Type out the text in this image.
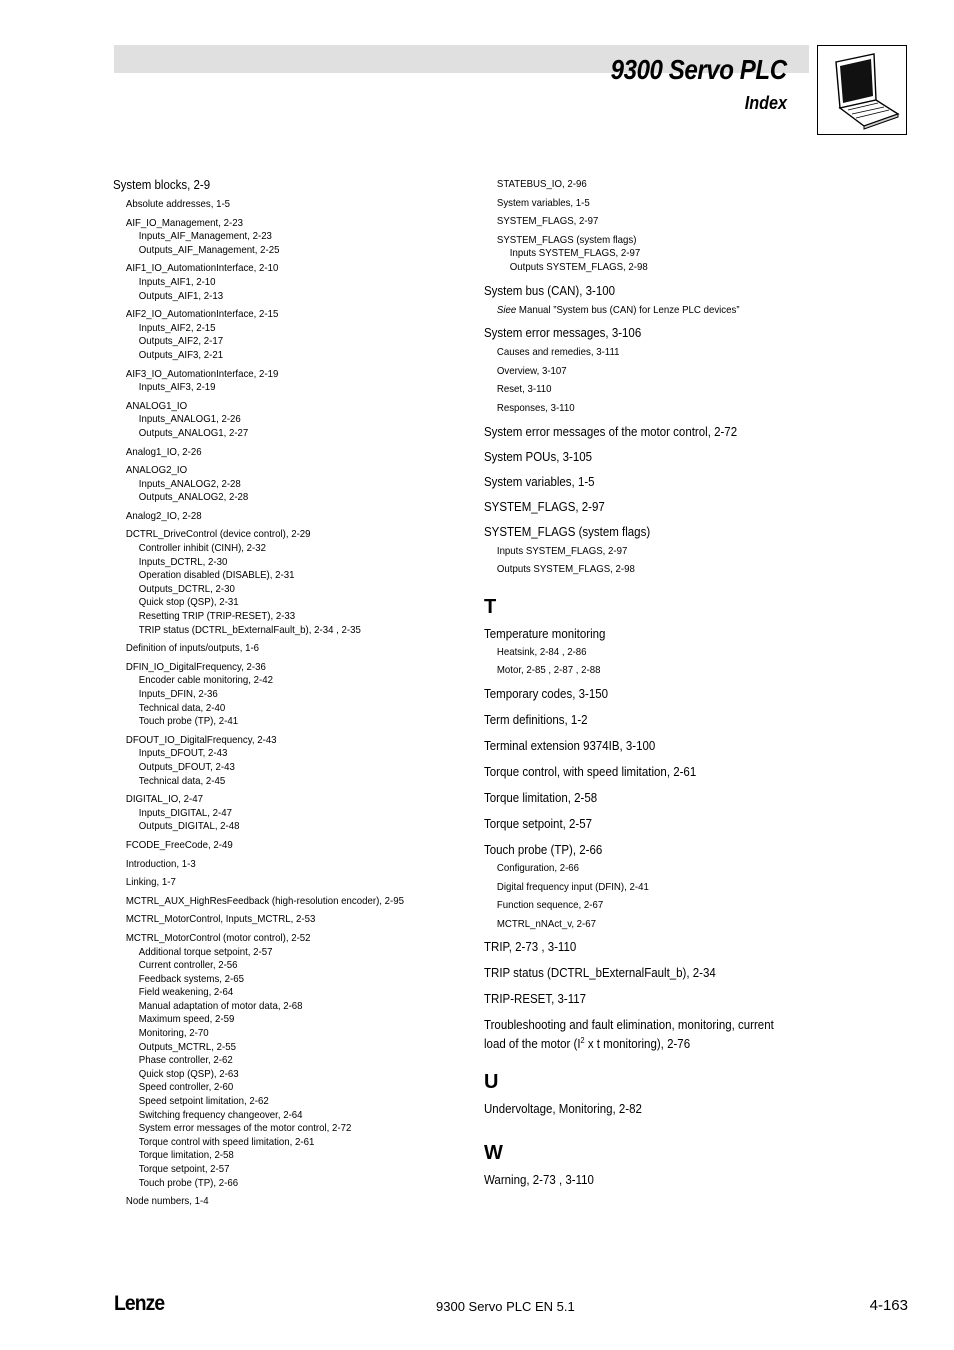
9300 Servo PLC
Index
System blocks, 2-9
Absolute addresses, 1-5
AIF_IO_Management, 2-23
Inputs_AIF_Management, 2-23
Outputs_AIF_Management, 2-25
AIF1_IO_AutomationInterface, 2-10
Inputs_AIF1, 2-10
Outputs_AIF1, 2-13
AIF2_IO_AutomationInterface, 2-15
Inputs_AIF2, 2-15
Outputs_AIF2, 2-17
Outputs_AIF3, 2-21
AIF3_IO_AutomationInterface, 2-19
Inputs_AIF3, 2-19
ANALOG1_IO
Inputs_ANALOG1, 2-26
Outputs_ANALOG1, 2-27
Analog1_IO, 2-26
ANALOG2_IO
Inputs_ANALOG2, 2-28
Outputs_ANALOG2, 2-28
Analog2_IO, 2-28
DCTRL_DriveControl (device control), 2-29
Controller inhibit (CINH), 2-32
Inputs_DCTRL, 2-30
Operation disabled (DISABLE), 2-31
Outputs_DCTRL, 2-30
Quick stop (QSP), 2-31
Resetting TRIP (TRIP-RESET), 2-33
TRIP status (DCTRL_bExternalFault_b), 2-34 , 2-35
Definition of inputs/outputs, 1-6
DFIN_IO_DigitalFrequency, 2-36
Encoder cable monitoring, 2-42
Inputs_DFIN, 2-36
Technical data, 2-40
Touch probe (TP), 2-41
DFOUT_IO_DigitalFrequency, 2-43
Inputs_DFOUT, 2-43
Outputs_DFOUT, 2-43
Technical data, 2-45
DIGITAL_IO, 2-47
Inputs_DIGITAL, 2-47
Outputs_DIGITAL, 2-48
FCODE_FreeCode, 2-49
Introduction, 1-3
Linking, 1-7
MCTRL_AUX_HighResFeedback (high-resolution encoder), 2-95
MCTRL_MotorControl, Inputs_MCTRL, 2-53
MCTRL_MotorControl (motor control), 2-52
Additional torque setpoint, 2-57
Current controller, 2-56
Feedback systems, 2-65
Field weakening, 2-64
Manual adaptation of motor data, 2-68
Maximum speed, 2-59
Monitoring, 2-70
Outputs_MCTRL, 2-55
Phase controller, 2-62
Quick stop (QSP), 2-63
Speed controller, 2-60
Speed setpoint limitation, 2-62
Switching frequency changeover, 2-64
System error messages of the motor control, 2-72
Torque control with speed limitation, 2-61
Torque limitation, 2-58
Torque setpoint, 2-57
Touch probe (TP), 2-66
Node numbers, 1-4
STATEBUS_IO, 2-96
System variables, 1-5
SYSTEM_FLAGS, 2-97
SYSTEM_FLAGS (system flags)
Inputs SYSTEM_FLAGS, 2-97
Outputs SYSTEM_FLAGS, 2-98
System bus (CAN), 3-100
Siee Manual ”System bus (CAN) for Lenze PLC devices”
System error messages, 3-106
Causes and remedies, 3-111
Overview, 3-107
Reset, 3-110
Responses, 3-110
System error messages of the motor control, 2-72
System POUs, 3-105
System variables, 1-5
SYSTEM_FLAGS, 2-97
SYSTEM_FLAGS (system flags)
Inputs SYSTEM_FLAGS, 2-97
Outputs SYSTEM_FLAGS, 2-98
T
Temperature monitoring
Heatsink, 2-84 , 2-86
Motor, 2-85 , 2-87 , 2-88
Temporary codes, 3-150
Term definitions, 1-2
Terminal extension 9374IB, 3-100
Torque control, with speed limitation, 2-61
Torque limitation, 2-58
Torque setpoint, 2-57
Touch probe (TP), 2-66
Configuration, 2-66
Digital frequency input (DFIN), 2-41
Function sequence, 2-67
MCTRL_nNAct_v, 2-67
TRIP, 2-73 , 3-110
TRIP status (DCTRL_bExternalFault_b), 2-34
TRIP-RESET, 3-117
Troubleshooting and fault elimination, monitoring, current load of the motor ($I^2$ x t monitoring), 2-76
U
Undervoltage, Monitoring, 2-82
W
Warning, 2-73 , 3-110
Lenze	9300 Servo PLC EN 5.1	4-163
